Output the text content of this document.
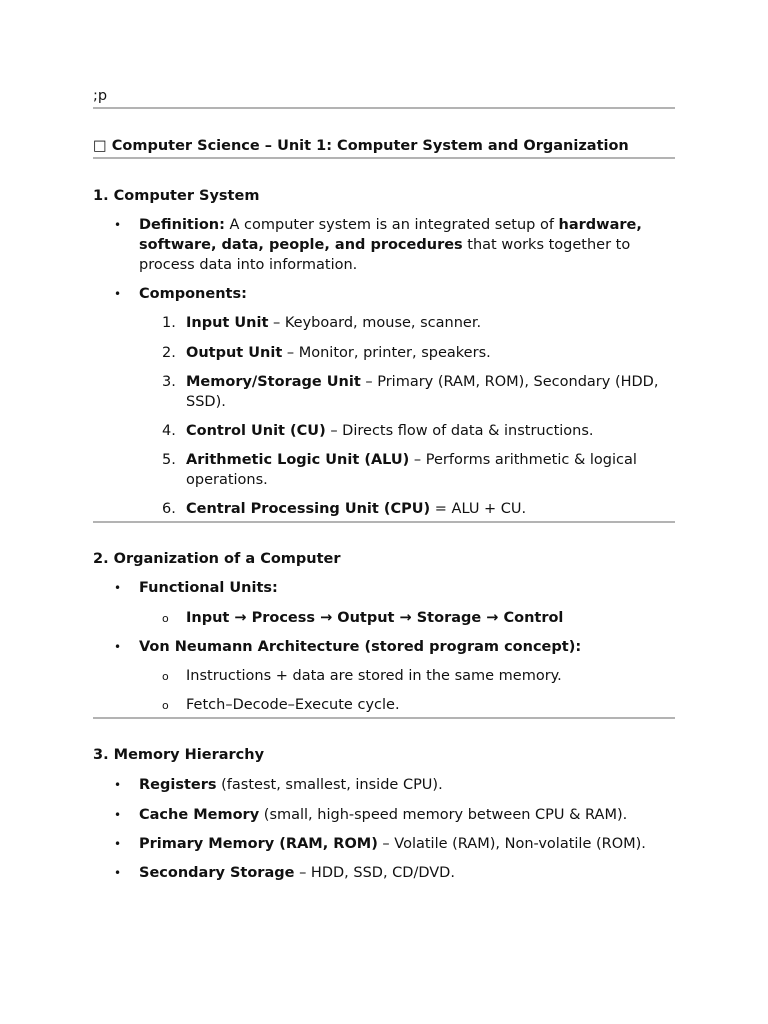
;p
□ Computer Science – Unit 1: Computer System and Organization
1. Computer System
• Definition: A computer system is an integrated setup of hardware, software, data, people, and procedures that works together to process data into information.
• Components:
1. Input Unit – Keyboard, mouse, scanner.
2. Output Unit – Monitor, printer, speakers.
3. Memory/Storage Unit – Primary (RAM, ROM), Secondary (HDD, SSD).
4. Control Unit (CU) – Directs flow of data & instructions.
5. Arithmetic Logic Unit (ALU) – Performs arithmetic & logical operations.
6. Central Processing Unit (CPU) = ALU + CU.
2. Organization of a Computer
• Functional Units:
o Input → Process → Output → Storage → Control
• Von Neumann Architecture (stored program concept):
o Instructions + data are stored in the same memory.
o Fetch–Decode–Execute cycle.
3. Memory Hierarchy
• Registers (fastest, smallest, inside CPU).
• Cache Memory (small, high-speed memory between CPU & RAM).
• Primary Memory (RAM, ROM) – Volatile (RAM), Non-volatile (ROM).
• Secondary Storage – HDD, SSD, CD/DVD.
